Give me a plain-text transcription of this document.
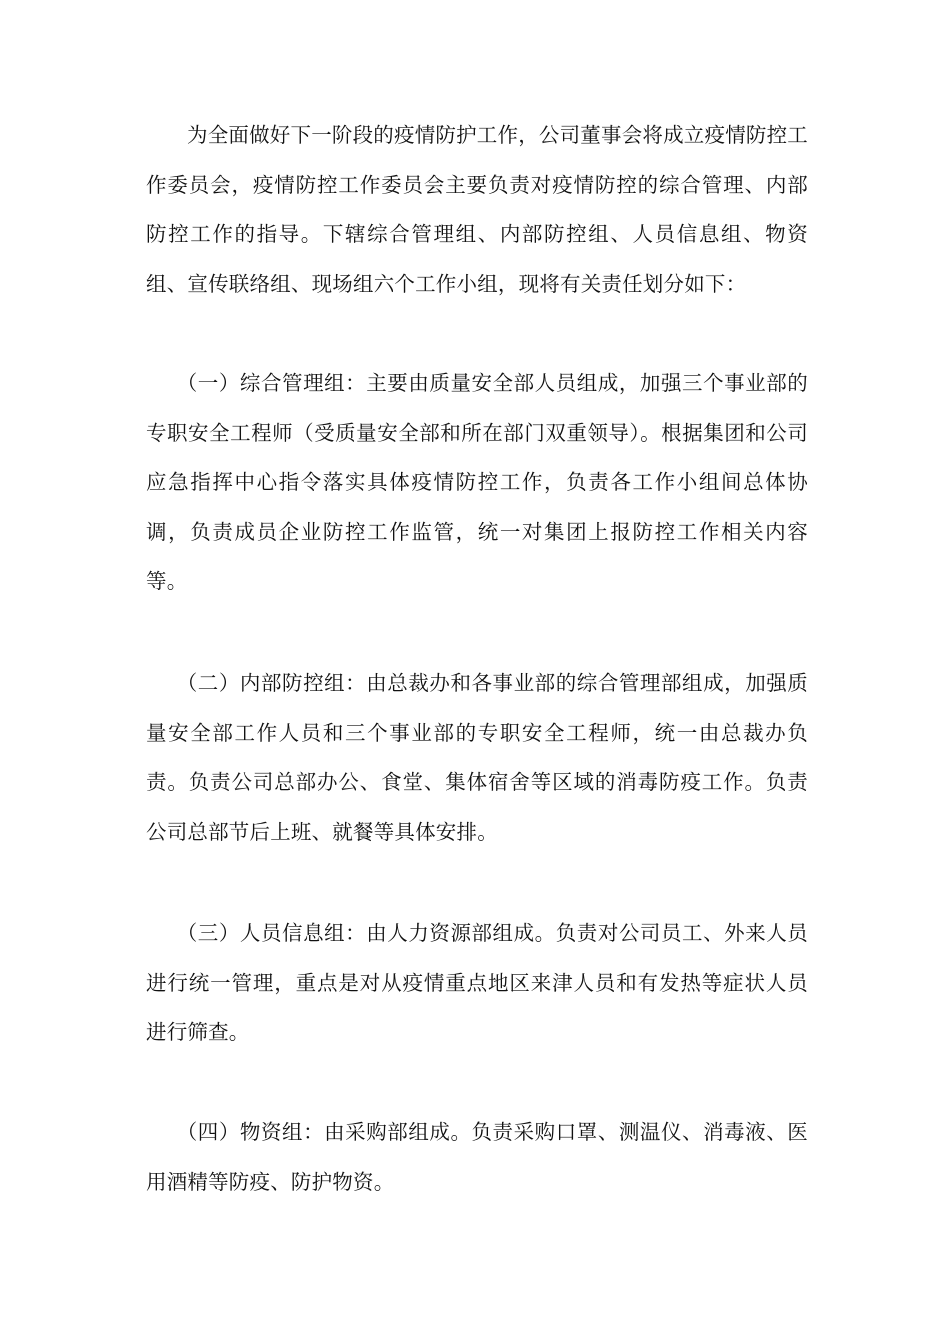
为全面做好下一阶段的疫情防护工作，公司董事会将成立疫情防控工作委员会，疫情防控工作委员会主要负责对疫情防控的综合管理、内部防控工作的指导。下辖综合管理组、内部防控组、人员信息组、物资组、宣传联络组、现场组六个工作小组，现将有关责任划分如下：

（一）综合管理组：主要由质量安全部人员组成，加强三个事业部的专职安全工程师（受质量安全部和所在部门双重领导）。根据集团和公司应急指挥中心指令落实具体疫情防控工作，负责各工作小组间总体协调，负责成员企业防控工作监管，统一对集团上报防控工作相关内容等。

（二）内部防控组：由总裁办和各事业部的综合管理部组成，加强质量安全部工作人员和三个事业部的专职安全工程师，统一由总裁办负责。负责公司总部办公、食堂、集体宿舍等区域的消毒防疫工作。负责公司总部节后上班、就餐等具体安排。

（三）人员信息组：由人力资源部组成。负责对公司员工、外来人员进行统一管理，重点是对从疫情重点地区来津人员和有发热等症状人员进行筛查。

（四）物资组：由采购部组成。负责采购口罩、测温仪、消毒液、医用酒精等防疫、防护物资。
